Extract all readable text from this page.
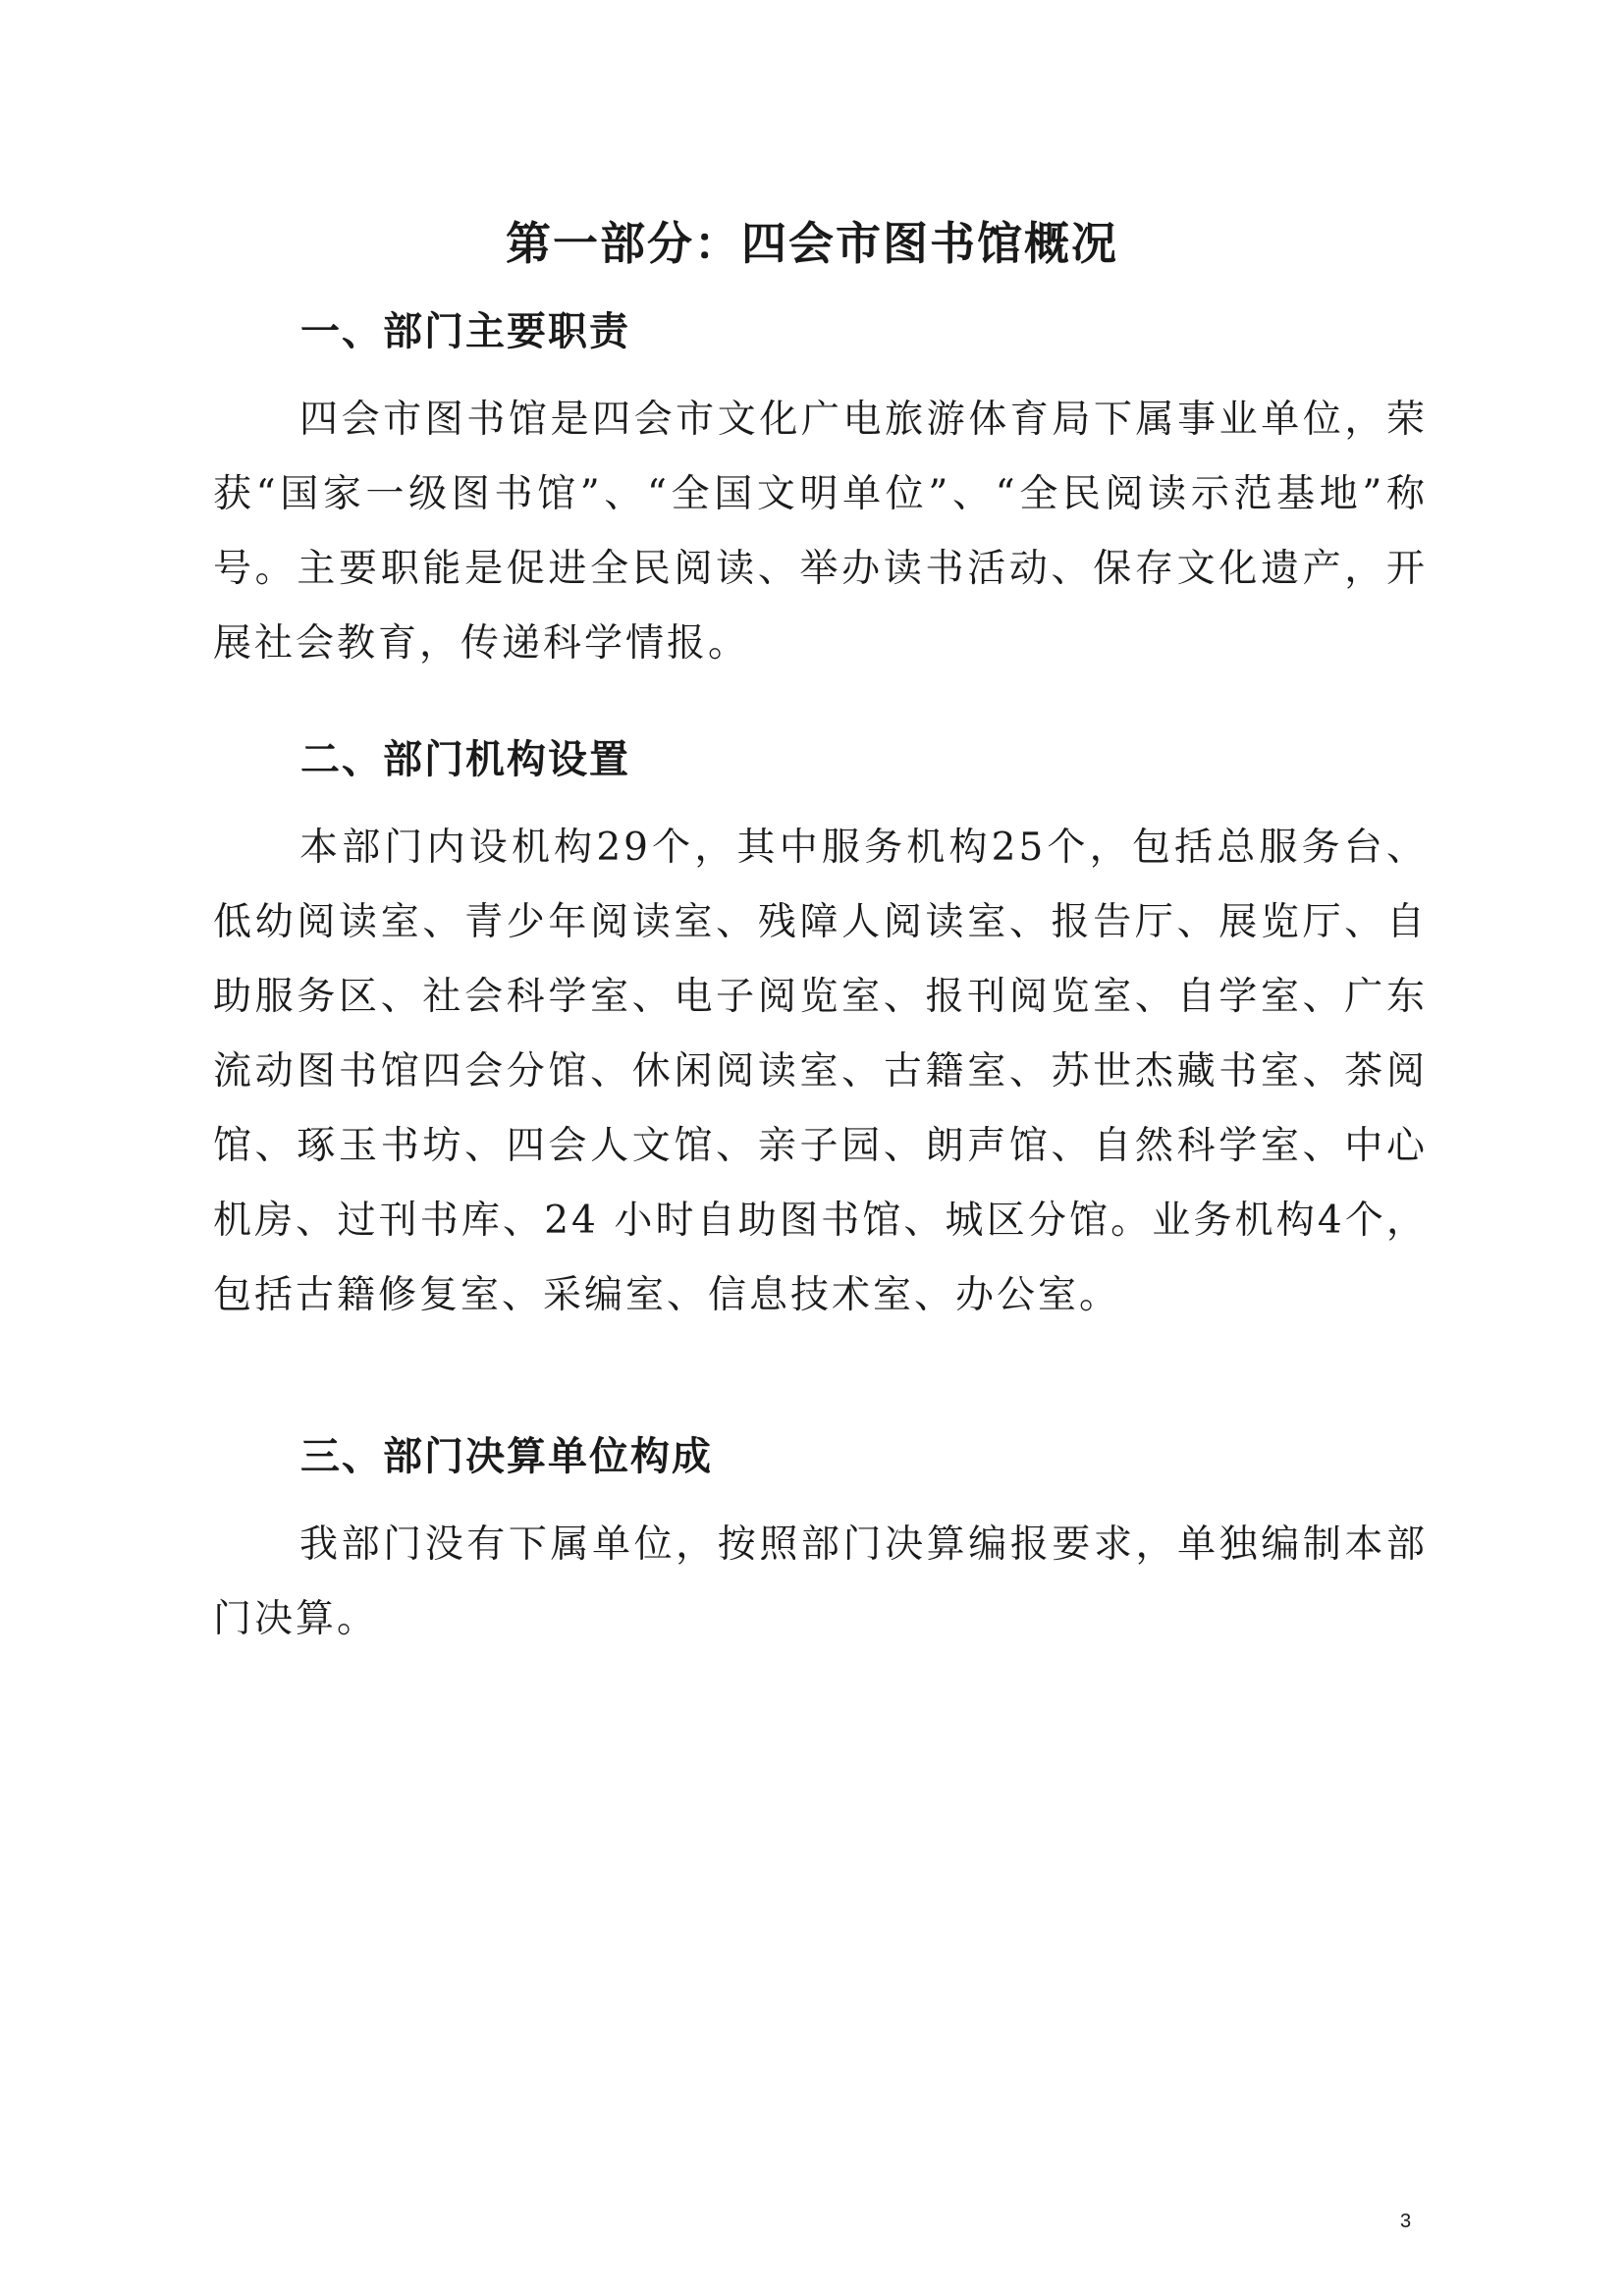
第一部分：四会市图书馆概况
一、部门主要职责

四会市图书馆是四会市文化广电旅游体育局下属事业单位，荣获“国家一级图书馆”、“全国文明单位”、“全民阅读示范基地”称号。主要职能是促进全民阅读、举办读书活动、保存文化遗产，开展社会教育，传递科学情报。

二、部门机构设置

本部门内设机构29个，其中服务机构25个，包括总服务台、低幼阅读室、青少年阅读室、残障人阅读室、报告厅、展览厅、自助服务区、社会科学室、电子阅览室、报刊阅览室、自学室、广东流动图书馆四会分馆、休闲阅读室、古籍室、苏世杰藏书室、茶阅馆、琢玉书坊、四会人文馆、亲子园、朗声馆、自然科学室、中心机房、过刊书库、24 小时自助图书馆、城区分馆。业务机构4个，包括古籍修复室、采编室、信息技术室、办公室。

三、部门决算单位构成

我部门没有下属单位，按照部门决算编报要求，单独编制本部门决算。

3
